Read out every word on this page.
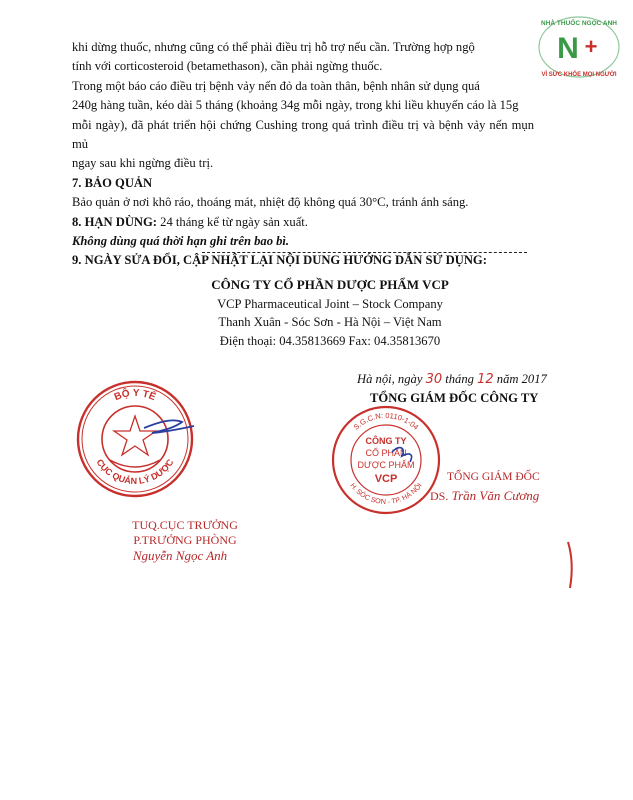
NHÀ THUỐC NGỌC ANH
VÌ SỨC KHỎE MỌI NGƯỜI
N +

khi dừng thuốc, nhưng cũng có thể phải điều trị hỗ trợ nếu cần. Trường hợp ngộ

tính với corticosteroid (betamethason), cần phải ngừng thuốc.

Trong một báo cáo điều trị bệnh vảy nến đỏ da toàn thân, bệnh nhân sử dụng quá

240g hàng tuần, kéo dài 5 tháng (khoảng 34g mỗi ngày, trong khi liều khuyến cáo là 15g

mỗi ngày), đã phát triển hội chứng Cushing trong quá trình điều trị và bệnh vảy nến mụn mủ

ngay sau khi ngừng điều trị.

7. BẢO QUẢN

Bảo quản ở nơi khô ráo, thoáng mát, nhiệt độ không quá 30°C, tránh ánh sáng.

8. HẠN DÙNG: 24 tháng kể từ ngày sản xuất.

Không dùng quá thời hạn ghi trên bao bì.

9. NGÀY SỬA ĐỔI, CẬP NHẬT LẠI NỘI DUNG HƯỚNG DẪN SỬ DỤNG:

CÔNG TY CỔ PHẦN DƯỢC PHẨM VCP
VCP Pharmaceutical Joint – Stock Company
Thanh Xuân - Sóc Sơn - Hà Nội – Việt Nam
Điện thoại: 04.35813669 Fax: 04.35813670
Hà nội, ngày 30 tháng 12 năm 2017
TỔNG GIÁM ĐỐC CÔNG TY
BỘ Y TẾ
CỤC QUẢN LÝ DƯỢC
TUQ.CỤC TRƯỞNG
P.TRƯỞNG PHÒNG
Nguyễn Ngọc Anh
S.G.C.N: 0110-1-04
H. SÓC SƠN - TP. HÀ NỘI
CÔNG TY
CỔ PHẦN
DƯỢC PHẨM
VCP	TỔNG GIÁM ĐỐC
DS. Trần Văn Cương
